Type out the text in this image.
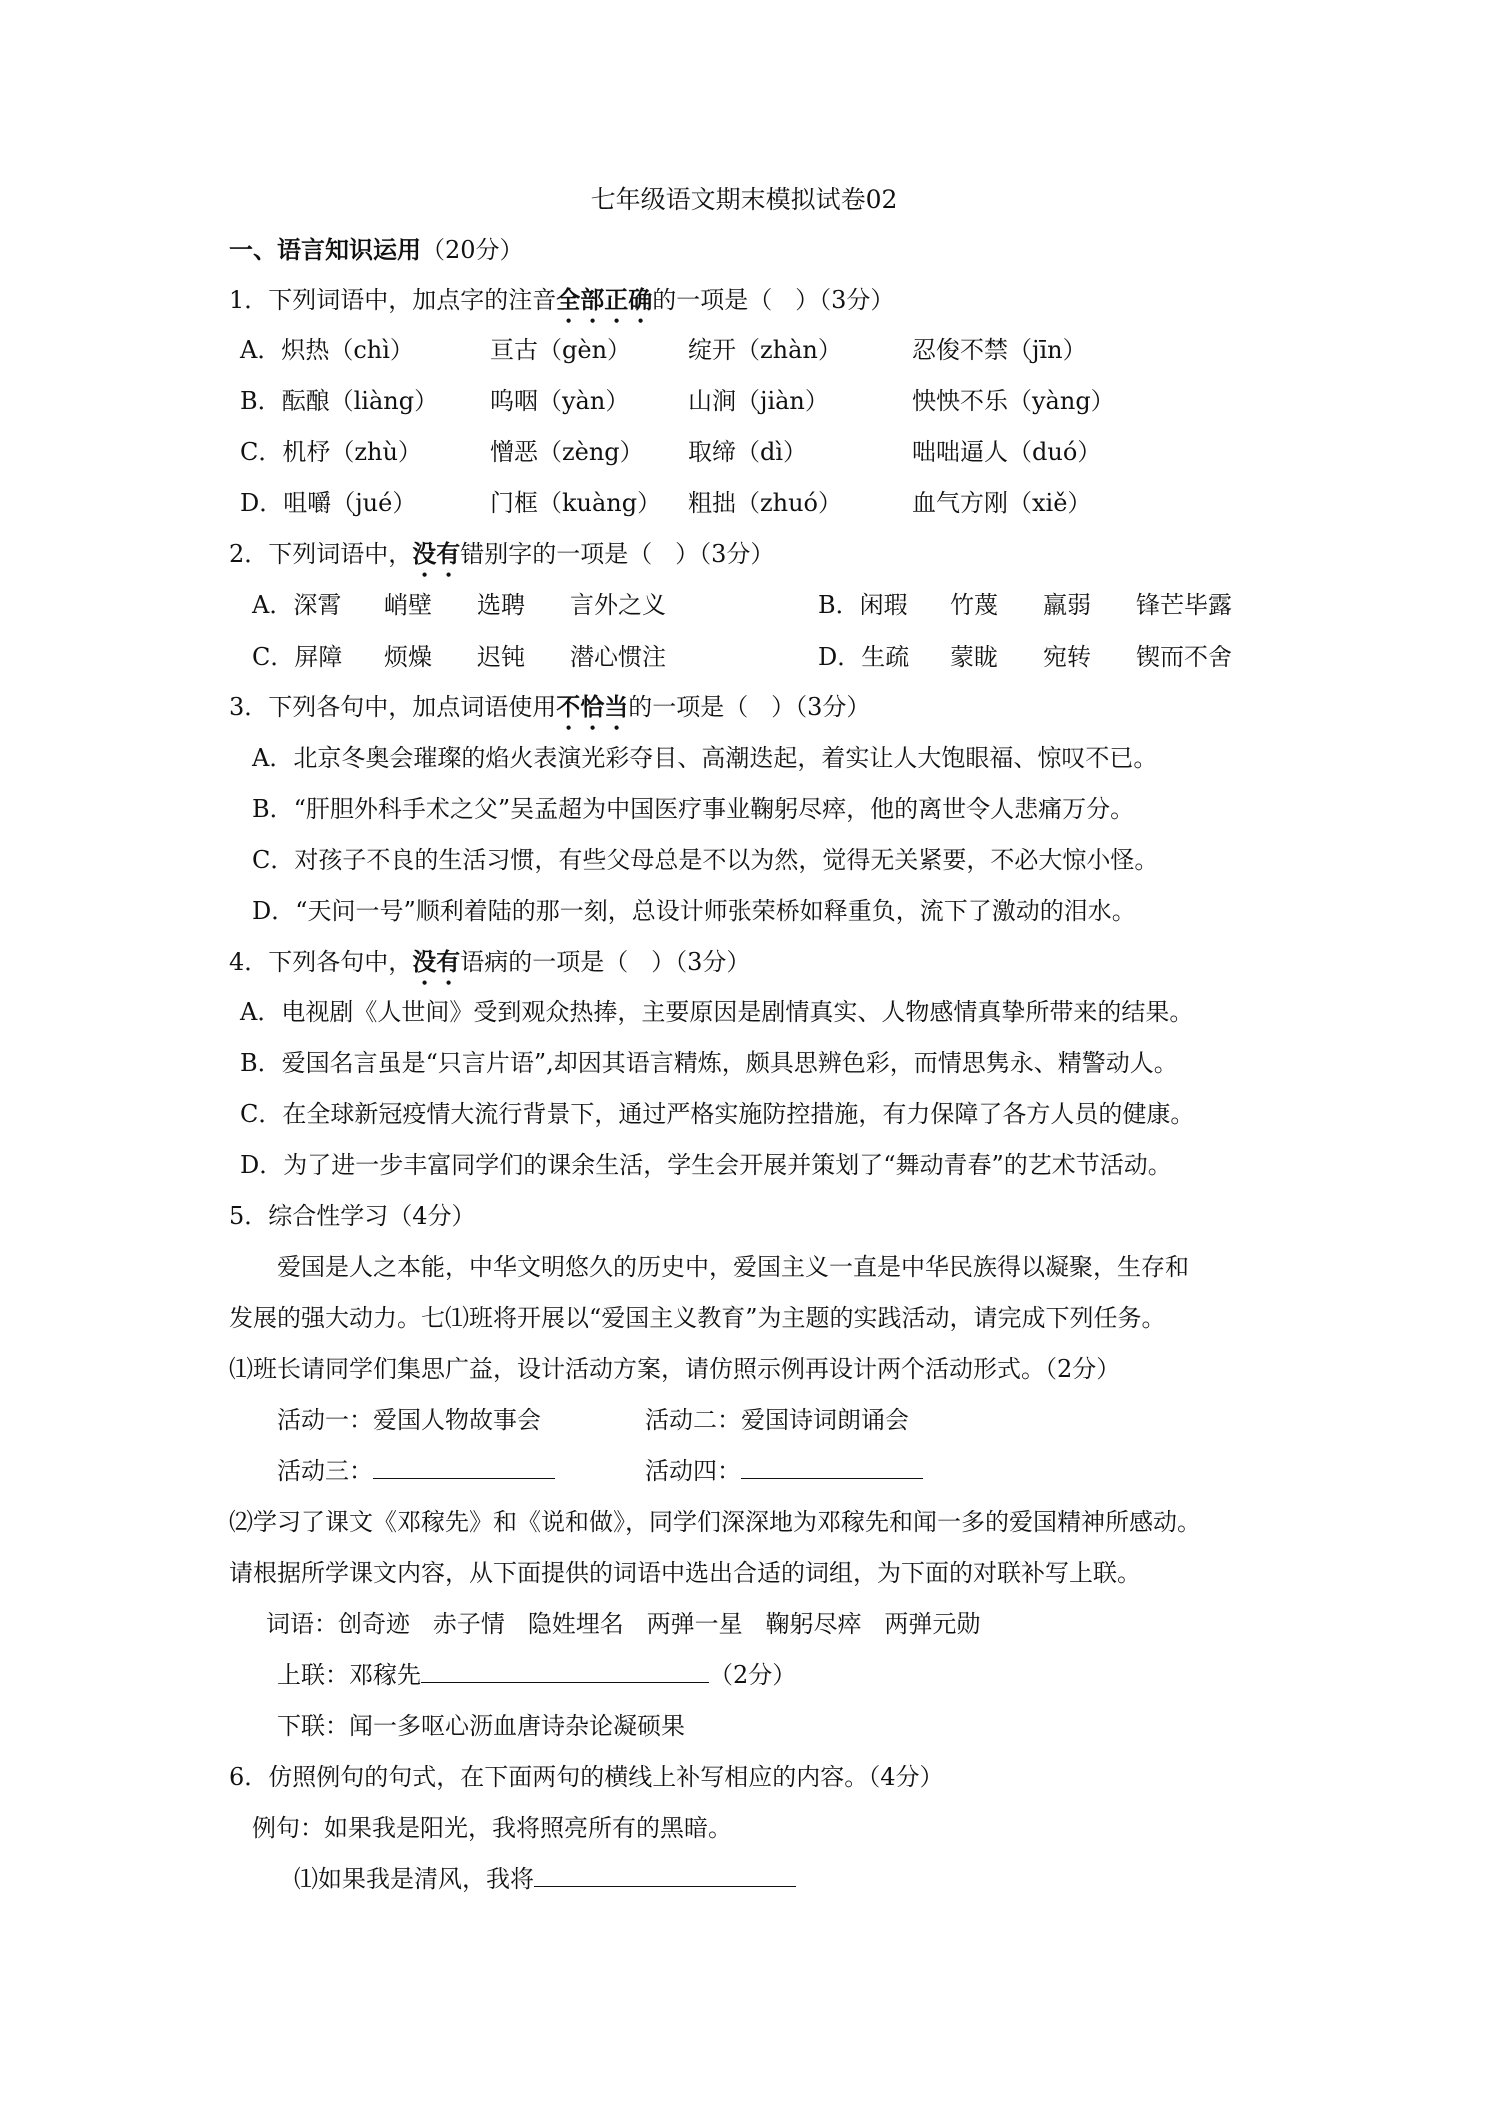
七年级语文期末模拟试卷02
一、语言知识运用（20分）
1．下列词语中，加点字的注音全部正确的一项是（   ）（3分）
A．炽热（chì）	亘古（gèn） 绽开（zhàn）	忍俊不禁（jīn）
B．酝酿（liàng） 呜咽（yàn） 山涧（jiàn）	怏怏不乐（yàng）
C．机杼（zhù）	憎恶（zèng） 取缔（dì）	咄咄逼人（duó）
D．咀嚼（jué）	门框（kuàng） 粗拙（zhuó）	血气方刚（xiě）
2．下列词语中，没有错别字的一项是（   ）（3分）
A．深霄 峭壁 选聘 言外之义	B．闲瑕 竹蔑 羸弱 锋芒毕露
C．屏障 烦燥 迟钝 潜心惯注	D．生疏 蒙眬 宛转 锲而不舍
3．下列各句中，加点词语使用不恰当的一项是（   ）（3分）
A．北京冬奥会璀璨的焰火表演光彩夺目、高潮迭起，着实让人大饱眼福、惊叹不已。
B．“肝胆外科手术之父”吴孟超为中国医疗事业鞠躬尽瘁，他的离世令人悲痛万分。
C．对孩子不良的生活习惯，有些父母总是不以为然，觉得无关紧要，不必大惊小怪。
D．“天问一号”顺利着陆的那一刻，总设计师张荣桥如释重负，流下了激动的泪水。
4．下列各句中，没有语病的一项是（   ）（3分）
A．电视剧《人世间》受到观众热捧，主要原因是剧情真实、人物感情真挚所带来的结果。
B．爱国名言虽是“只言片语”,却因其语言精炼，颇具思辨色彩，而情思隽永、精警动人。
C．在全球新冠疫情大流行背景下，通过严格实施防控措施，有力保障了各方人员的健康。
D．为了进一步丰富同学们的课余生活，学生会开展并策划了“舞动青春”的艺术节活动。
5．综合性学习（4分）
爱国是人之本能，中华文明悠久的历史中，爱国主义一直是中华民族得以凝聚，生存和
发展的强大动力。七⑴班将开展以“爱国主义教育”为主题的实践活动，请完成下列任务。
⑴班长请同学们集思广益，设计活动方案，请仿照示例再设计两个活动形式。（2分）
活动一：爱国人物故事会	活动二：爱国诗词朗诵会
活动三：	活动四：
⑵学习了课文《邓稼先》和《说和做》，同学们深深地为邓稼先和闻一多的爱国精神所感动。
请根据所学课文内容，从下面提供的词语中选出合适的词组，为下面的对联补写上联。
词语：创奇迹   赤子情   隐姓埋名   两弹一星   鞠躬尽瘁   两弹元勋
上联：邓稼先	（2分）
下联：闻一多呕心沥血唐诗杂论凝硕果
6．仿照例句的句式，在下面两句的横线上补写相应的内容。（4分）
例句：如果我是阳光，我将照亮所有的黑暗。
⑴如果我是清风，我将
